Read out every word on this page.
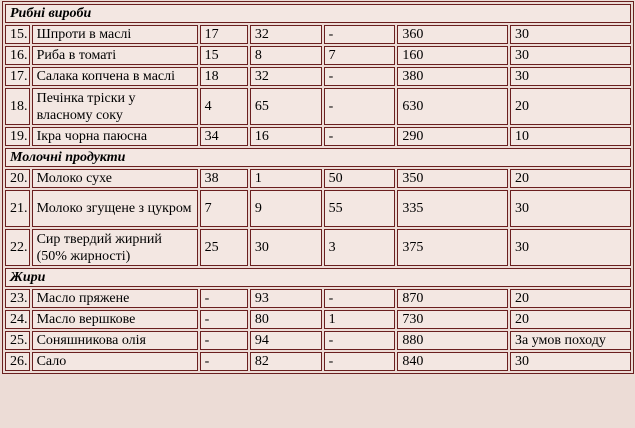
Рибні вироби						
15.	Шпроти в маслі	17	32	-	360	30
16.	Риба в томаті	15	8	7	160	30
17.	Салака копчена в маслі	18	32	-	380	30
18.	Печінка тріски у власному соку	4	65	-	630	20
19.	Ікра чорна паюсна	34	16	-	290	10
Молочні продукти						
20.	Молоко сухе	38	1	50	350	20
21.	Молоко згущене з цукром	7	9	55	335	30
22.	Сир твердий жирний (50% жирності)	25	30	3	375	30
Жири						
23.	Масло пряжене	-	93	-	870	20
24.	Масло вершкове	-	80	1	730	20
25.	Соняшникова олія	-	94	-	880	За умов походу
26.	Сало	-	82	-	840	30
